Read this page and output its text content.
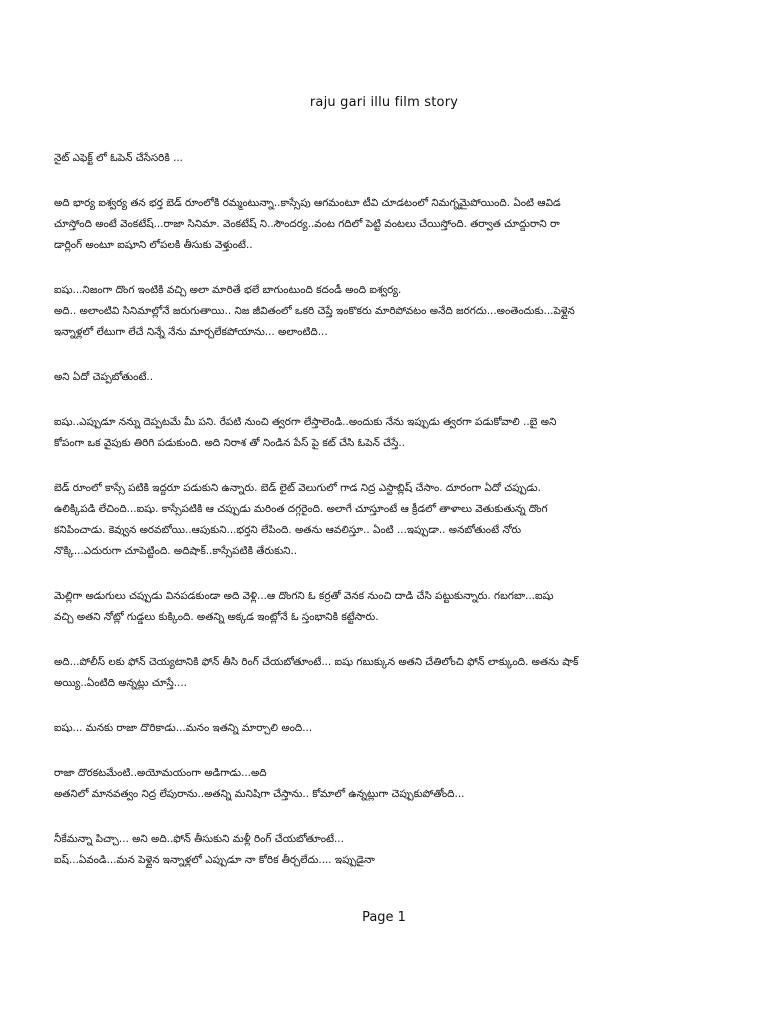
raju gari illu film story
నైట్ ఎఫెక్ట్ లో ఓపెన్ చేసేసరికి ...
అది భార్య ఐశ్వర్య తన భర్త బెడ్ రూంలోకి రమ్మంటున్నా..కాస్సేపు ఆగమంటూ టీవి చూడటంలో నిమగ్నమైపోయింది. ఏంటి ఆవిడ
చూస్తోంది అంటే వెంకటేష్...రాజా సినిమా. వెంకటేష్ ని..సౌందర్య..వంట గదిలో పెట్టి వంటలు చేయిస్తోంది. తర్వాత చూద్దురాని రా
డార్లింగ్ అంటూ ఐషూని లోపలకి తీసుకు వెళ్తుంటే..
ఐషు...నిజంగా దొంగ ఇంటికి వచ్చి అలా మారితే భలే బాగుంటుంది కదండీ అంది ఐశ్వర్య.
అది.. అలాంటివి సినిమాల్లోనే జరుగుతాయి.. నిజ జీవితంలో ఒకరి చెప్తే ఇంకొకరు మారిపోవటం అనేది జరగదు...అంతెందుకు...పెళ్లైన
ఇన్నాళ్లలో లేటుగా లేచే నిన్నే నేను మార్చలేకపోయాను... అలాంటిది...
అని ఏదో చెప్పబోతుంటే..
ఐషు..ఎప్పుడూ నన్ను దెప్పటమే మీ పని. రేపటి నుంచి త్వరగా లేస్తాలెండి..అందుకు నేను ఇప్పుడు త్వరగా పడుకోవాలి ..బై అని
కోపంగా ఒక వైపుకు తిరిగి పడుకుంది. అది నిరాశ తో నిండిన పేస్ పై కట్ చేసి ఓపెన్ చేస్తే..
బెడ్ రూంలో కాస్సే పటికి ఇద్దరూ పడుకుని ఉన్నారు. బెడ్ లైట్ వెలుగులో గాడ నిద్ర ఎస్టాబ్లిష్ చేసాం. దూరంగా ఏదో చప్పుడు.
ఉలిక్కిపడి లేచింది...ఐషు. కాస్సేపటికి ఆ చప్పుడు మరింత దగ్గరైంది. అలాగే చూస్తూంటే ఆ క్రీడలో తాళాలు వెతుకుతున్న దొంగ
కనిపించాడు. కెవ్వున అరవబోయి..ఆపుకుని...భర్తని లేపింది. అతను ఆవలిస్తూ.. ఏంటి ...ఇప్పుడా.. అనబోతుంటే నోరు
నొక్కి...ఎదురుగా చూపెట్టింది. అదిషాక్..కాస్సేపటికి తేరుకుని..
మెల్లిగా అడుగులు చప్పుడు వినపడకుండా అది వెళ్లి...ఆ దొంగని ఓ కర్రతో వెనక నుంచి దాడి చేసి పట్టుకున్నారు. గబగబా...ఐషు
వచ్చి అతని నోట్లో గుడ్డలు కుక్కింది. అతన్ని అక్కడ ఇంట్లోనే ఓ స్తంభానికి కట్టేసారు.
అది...పోలీస్ లకు ఫోన్ చెయ్యటానికి ఫోన్ తీసి రింగ్ చేయబోతూంటే... ఐషు గబుక్కున అతని చేతిలోంచి ఫోన్ లాక్కుంది. అతను షాక్
అయ్యి..ఏంటిది అన్నట్లు చూస్తే....
ఐషు... మనకు రాజా దొరికాడు...మనం ఇతన్ని మార్చాలి అంది...
రాజా దొరకటమేంటి..అయోమయంగా అడిగాడు...అది
అతనిలో మానవత్వం నిద్ర లేపురాను..అతన్ని మనిషిగా చేస్తాను.. కోమాలో ఉన్నట్లుగా చెప్పుకుపోతోంది...
నీకేమన్నా పిచ్చా... అని అది..ఫోన్ తీసుకుని మళ్లీ రింగ్ చేయబోతూంటే...
ఐష్...ఏవండి...మన పెళ్లైన ఇన్నాళ్లలో ఎప్పుడూ నా కోరిక తీర్చలేదు.... ఇప్పుడైనా
Page 1
